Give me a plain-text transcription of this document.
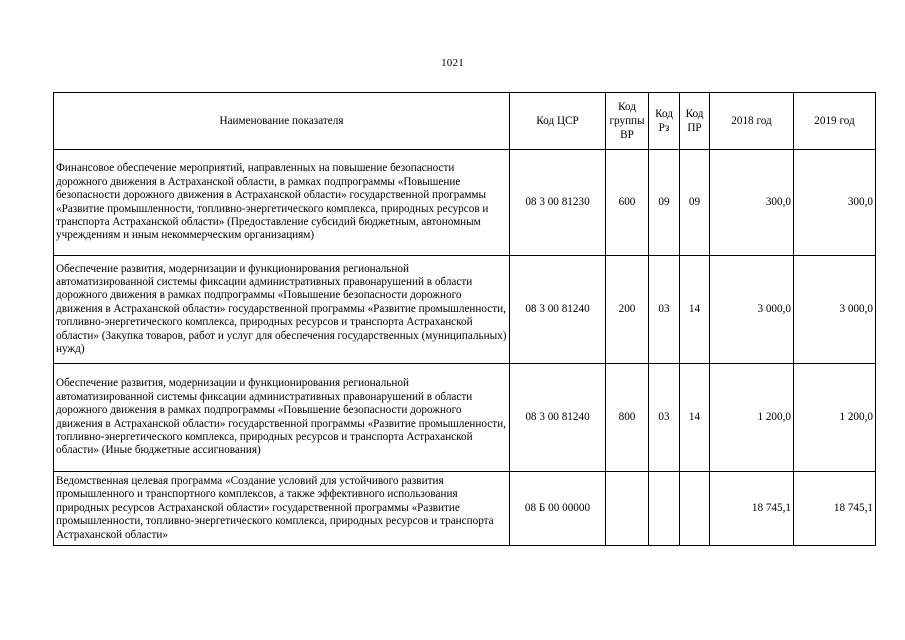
1021
Наименование показателя	Код ЦСР	Код группы ВР	Код Рз	Код ПР	2018 год	2019 год
Финансовое обеспечение мероприятий, направленных на повышение безопасности дорожного движения в Астраханской области, в рамках подпрограммы «Повышение безопасности дорожного движения в Астраханской области» государственной программы «Развитие промышленности, топливно-энергетического комплекса, природных ресурсов и транспорта Астраханской области» (Предоставление субсидий бюджетным, автономным учреждениям и иным некоммерческим организациям)	08 3 00 81230	600	09	09	300,0	300,0
Обеспечение развития, модернизации и функционирования региональной автоматизированной системы фиксации административных правонарушений в области дорожного движения в рамках подпрограммы «Повышение безопасности дорожного движения в Астраханской области» государственной программы «Развитие промышленности, топливно-энергетического комплекса, природных ресурсов и транспорта Астраханской области» (Закупка товаров, работ и услуг для обеспечения государственных (муниципальных) нужд)	08 3 00 81240	200	03	14	3 000,0	3 000,0
Обеспечение развития, модернизации и функционирования региональной автоматизированной системы фиксации административных правонарушений в области дорожного движения в рамках подпрограммы «Повышение безопасности дорожного движения в Астраханской области» государственной программы «Развитие промышленности, топливно-энергетического комплекса, природных ресурсов и транспорта Астраханской области» (Иные бюджетные ассигнования)	08 3 00 81240	800	03	14	1 200,0	1 200,0
Ведомственная целевая программа «Создание условий для устойчивого развития промышленного и транспортного комплексов, а также эффективного использования природных ресурсов Астраханской области» государственной программы «Развитие промышленности, топливно-энергетического комплекса, природных ресурсов и транспорта Астраханской области»	08 Б 00 00000				18 745,1	18 745,1
